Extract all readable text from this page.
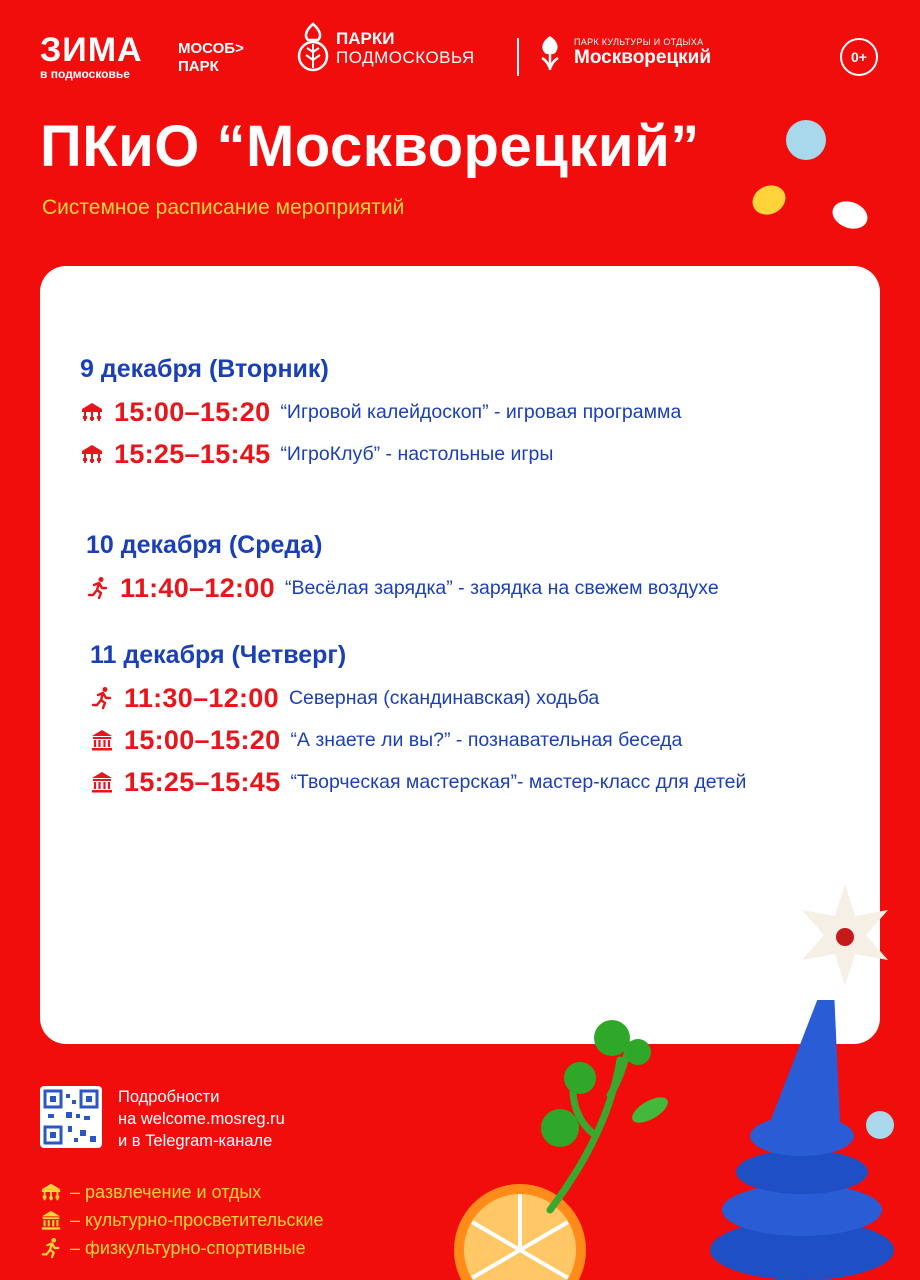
ЗИМА
в подмосковье
МОСОБ>
ПАРК
ПАРКИ
ПОДМОСКОВЬЯ
ПАРК КУЛЬТУРЫ И ОТДЫХА
Москворецкий	0+
ПКиО “Москворецкий”
Системное расписание мероприятий
9 декабря (Вторник)
15:00–15:20 “Игровой калейдоскоп” - игровая программа
15:25–15:45 “ИгроКлуб” - настольные игры
10 декабря (Среда)
11:40–12:00 “Весёлая зарядка” - зарядка на свежем воздухе
11 декабря (Четверг)
11:30–12:00 Северная (скандинавская) ходьба
15:00–15:20 “А знаете ли вы?” - познавательная беседа
15:25–15:45 “Творческая мастерская”- мастер-класс для детей
Подробности
на welcome.mosreg.ru
и в Telegram-канале
– развлечение и отдых
– культурно-просветительские
– физкультурно-спортивные
